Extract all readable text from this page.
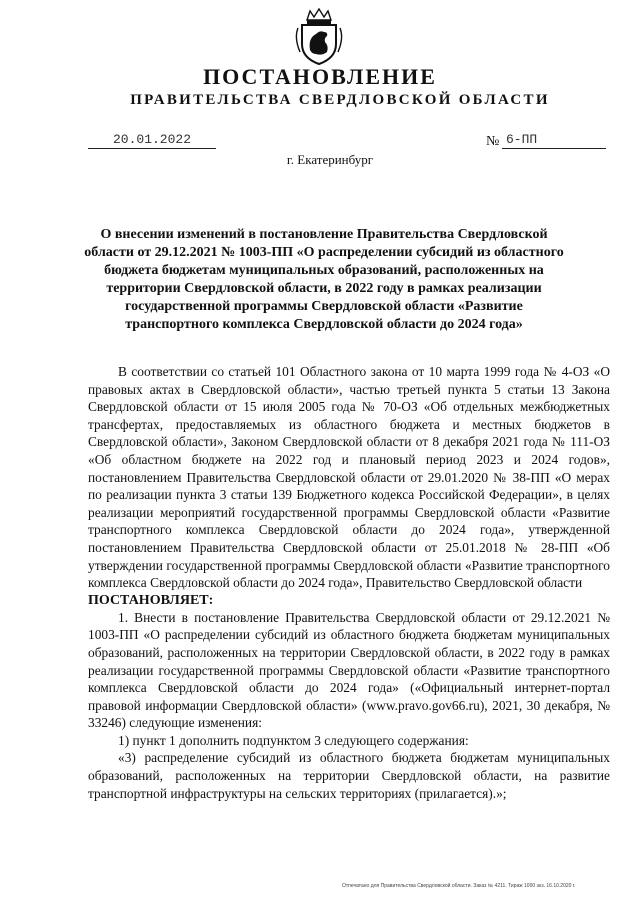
ПОСТАНОВЛЕНИЕ
ПРАВИТЕЛЬСТВА СВЕРДЛОВСКОЙ ОБЛАСТИ
20.01.2022	№ 6-ПП
г. Екатеринбург
О внесении изменений в постановление Правительства Свердловской области от 29.12.2021 № 1003-ПП «О распределении субсидий из областного бюджета бюджетам муниципальных образований, расположенных на территории Свердловской области, в 2022 году в рамках реализации государственной программы Свердловской области «Развитие транспортного комплекса Свердловской области до 2024 года»

В соответствии со статьей 101 Областного закона от 10 марта 1999 года № 4-ОЗ «О правовых актах в Свердловской области», частью третьей пункта 5 статьи 13 Закона Свердловской области от 15 июля 2005 года № 70-ОЗ «Об отдельных межбюджетных трансфертах, предоставляемых из областного бюджета и местных бюджетов в Свердловской области», Законом Свердловской области от 8 декабря 2021 года № 111-ОЗ «Об областном бюджете на 2022 год и плановый период 2023 и 2024 годов», постановлением Правительства Свердловской области от 29.01.2020 № 38-ПП «О мерах по реализации пункта 3 статьи 139 Бюджетного кодекса Российской Федерации», в целях реализации мероприятий государственной программы Свердловской области «Развитие транспортного комплекса Свердловской области до 2024 года», утвержденной постановлением Правительства Свердловской области от 25.01.2018 № 28-ПП «Об утверждении государственной программы Свердловской области «Развитие транспортного комплекса Свердловской области до 2024 года», Правительство Свердловской области

ПОСТАНОВЛЯЕТ:

1. Внести в постановление Правительства Свердловской области от 29.12.2021 № 1003-ПП «О распределении субсидий из областного бюджета бюджетам муниципальных образований, расположенных на территории Свердловской области, в 2022 году в рамках реализации государственной программы Свердловской области «Развитие транспортного комплекса Свердловской области до 2024 года» («Официальный интернет-портал правовой информации Свердловской области» (www.pravo.gov66.ru), 2021, 30 декабря, № 33246) следующие изменения:

1) пункт 1 дополнить подпунктом 3 следующего содержания:

«3) распределение субсидий из областного бюджета бюджетам муниципальных образований, расположенных на территории Свердловской области, на развитие транспортной инфраструктуры на сельских территориях (прилагается).»;

Отпечатано для Правительства Свердловской области. Заказ № 4211. Тираж 1000 экз. 16.10.2020 г.
